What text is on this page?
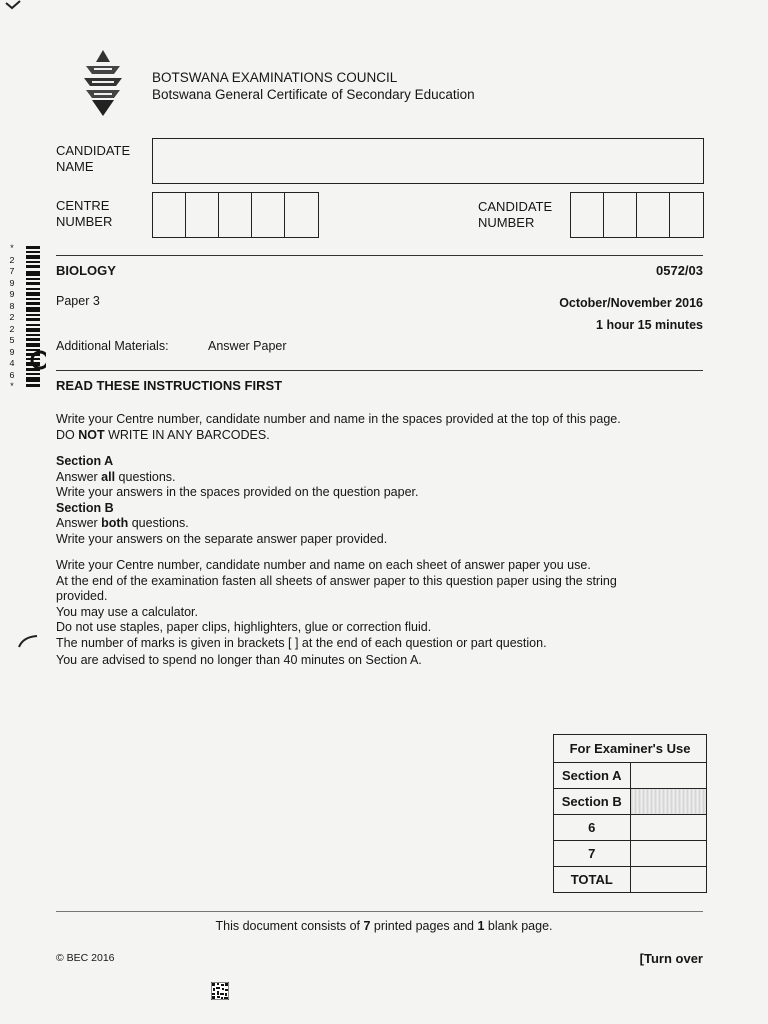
BOTSWANA EXAMINATIONS COUNCIL
Botswana General Certificate of Secondary Education
CANDIDATE
NAME
CENTRE
NUMBER
CANDIDATE
NUMBER
* 2 7 9 9 8 2 2 5 9 4 6 *
BIOLOGY	0572/03
Paper 3	October/November 2016
1 hour 15 minutes
Additional Materials:	Answer Paper
READ THESE INSTRUCTIONS FIRST
Write your Centre number, candidate number and name in the spaces provided at the top of this page.
DO NOT WRITE IN ANY BARCODES.
Section A
Answer all questions.
Write your answers in the spaces provided on the question paper.
Section B
Answer both questions.
Write your answers on the separate answer paper provided.
Write your Centre number, candidate number and name on each sheet of answer paper you use.
At the end of the examination fasten all sheets of answer paper to this question paper using the string
provided.
You may use a calculator.
Do not use staples, paper clips, highlighters, glue or correction fluid.
The number of marks is given in brackets [ ] at the end of each question or part question.
You are advised to spend no longer than 40 minutes on Section A.
For Examiner's Use	
Section A	
Section B	
6	
7	
TOTAL	
This document consists of 7 printed pages and 1 blank page.
© BEC 2016	[Turn over
